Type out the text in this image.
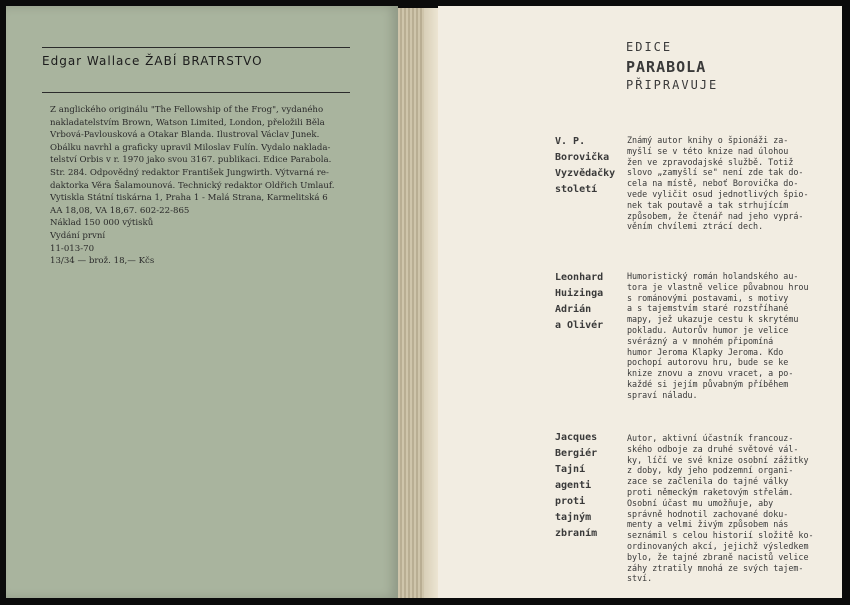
Edgar Wallace ŽABÍ BRATRSTVO
Z anglického originálu "The Fellowship of the Frog", vydaného
nakladatelstvím Brown, Watson Limited, London, přeložili Běla
Vrbová-Pavlousková a Otakar Blanda. Ilustroval Václav Junek.
Obálku navrhl a graficky upravil Miloslav Fulín. Vydalo naklada-
telství Orbis v r. 1970 jako svou 3167. publikaci. Edice Parabola.
Str. 284. Odpovědný redaktor František Jungwirth. Výtvarná re-
daktorka Věra Šalamounová. Technický redaktor Oldřich Umlauf.
Vytiskla Státní tiskárna 1, Praha 1 - Malá Strana, Karmelitská 6
AA 18,08, VA 18,67. 602-22-865
Náklad 150 000 výtisků
Vydání první
11-013-70
13/34 — brož. 18,— Kčs
EDICE
PARABOLA
PŘIPRAVUJE
V. P.
Borovička
Vyzvědačky
století
Známý autor knihy o špionáži za-
myšlí se v této knize nad úlohou
žen ve zpravodajské službě. Totiž
slovo „zamyšlí se" není zde tak do-
cela na místě, neboť Borovička do-
vede vyličit osud jednotlivých špio-
nek tak poutavě a tak strhujícím
způsobem, že čtenář nad jeho vyprá-
věním chvílemi ztrácí dech.
Leonhard
Huizinga
Adrián
a Olivér
Humoristický román holandského au-
tora je vlastně velice půvabnou hrou
s románovými postavami, s motivy
a s tajemstvím staré rozstříhané
mapy, jež ukazuje cestu k skrytému
pokladu. Autorův humor je velice
svérázný a v mnohém připomíná
humor Jeroma Klapky Jeroma. Kdo
pochopí autorovu hru, bude se ke
knize znovu a znovu vracet, a po-
každé si jejím půvabným příběhem
spraví náladu.
Jacques
Bergiér
Tajní
agenti
proti
tajným
zbraním
Autor, aktivní účastník francouz-
ského odboje za druhé světové vál-
ky, líčí ve své knize osobní zážitky
z doby, kdy jeho podzemní organi-
zace se začlenila do tajné války
proti německým raketovým střelám.
Osobní účast mu umožňuje, aby
správně hodnotil zachované doku-
menty a velmi živým způsobem nás
seznámil s celou historií složitě ko-
ordinovaných akcí, jejichž výsledkem
bylo, že tajné zbraně nacistů velice
záhy ztratily mnohá ze svých tajem-
ství.
